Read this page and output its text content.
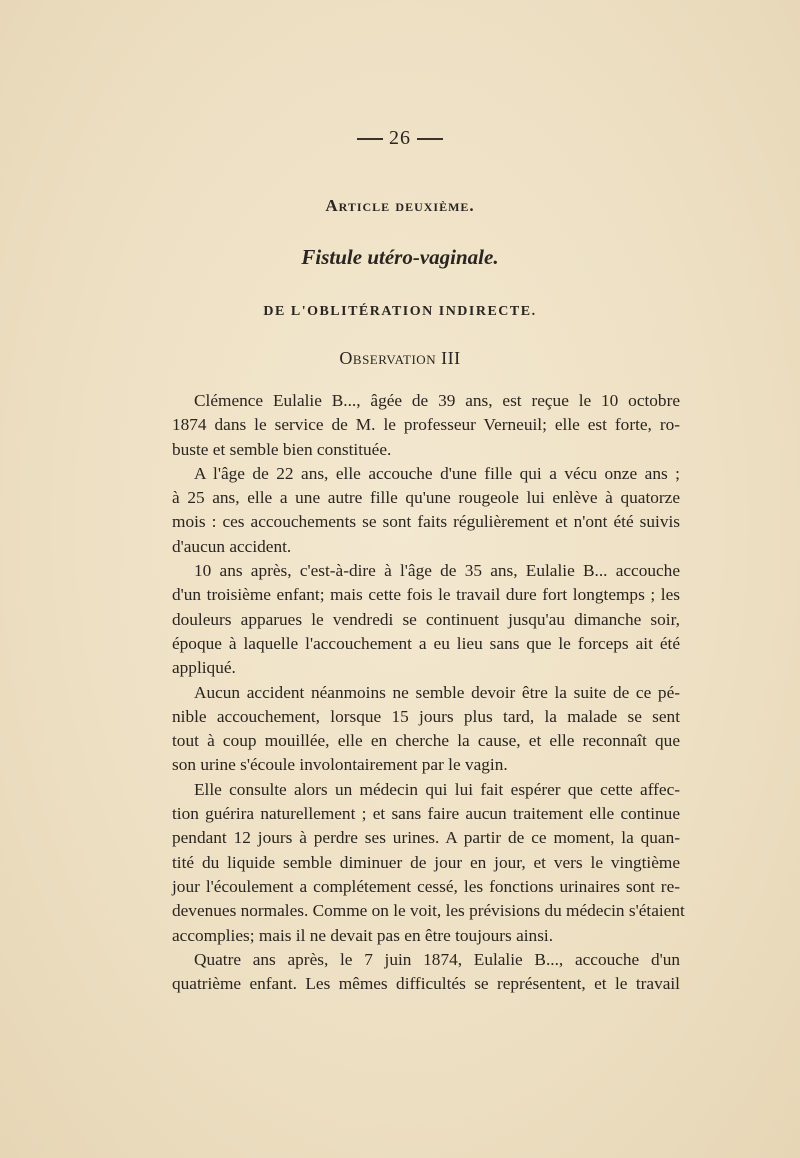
26
Article deuxième.
Fistule utéro-vaginale.
DE L'OBLITÉRATION INDIRECTE.
Observation III
Clémence Eulalie B..., âgée de 39 ans, est reçue le 10 octobre
1874 dans le service de M. le professeur Verneuil; elle est forte, ro-
buste et semble bien constituée.
A l'âge de 22 ans, elle accouche d'une fille qui a vécu onze ans ;
à 25 ans, elle a une autre fille qu'une rougeole lui enlève à quatorze
mois : ces accouchements se sont faits régulièrement et n'ont été suivis
d'aucun accident.
10 ans après, c'est-à-dire à l'âge de 35 ans, Eulalie B... accouche
d'un troisième enfant; mais cette fois le travail dure fort longtemps ; les
douleurs apparues le vendredi se continuent jusqu'au dimanche soir,
époque à laquelle l'accouchement a eu lieu sans que le forceps ait été
appliqué.
Aucun accident néanmoins ne semble devoir être la suite de ce pé-
nible accouchement, lorsque 15 jours plus tard, la malade se sent
tout à coup mouillée, elle en cherche la cause, et elle reconnaît que
son urine s'écoule involontairement par le vagin.
Elle consulte alors un médecin qui lui fait espérer que cette affec-
tion guérira naturellement ; et sans faire aucun traitement elle continue
pendant 12 jours à perdre ses urines. A partir de ce moment, la quan-
tité du liquide semble diminuer de jour en jour, et vers le vingtième
jour l'écoulement a complétement cessé, les fonctions urinaires sont re-
devenues normales. Comme on le voit, les prévisions du médecin s'étaient
accomplies; mais il ne devait pas en être toujours ainsi.
Quatre ans après, le 7 juin 1874, Eulalie B..., accouche d'un
quatrième enfant. Les mêmes difficultés se représentent, et le travail
